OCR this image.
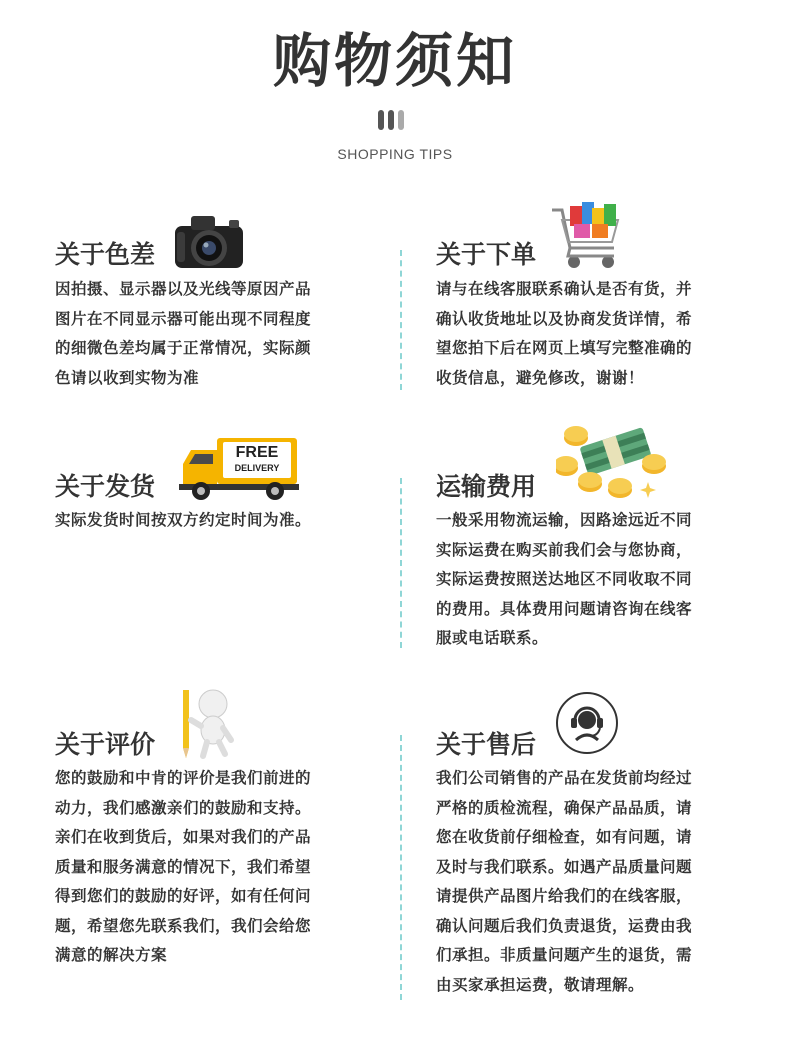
购物须知
SHOPPING TIPS
关于色差

因拍摄、显示器以及光线等原因产品

图片在不同显示器可能出现不同程度

的细微色差均属于正常情况，实际颜

色请以收到实物为准

关于下单

请与在线客服联系确认是否有货，并

确认收货地址以及协商发货详情，希

望您拍下后在网页上填写完整准确的

收货信息，避免修改，谢谢！

关于发货
FREE
DELIVERY

实际发货时间按双方约定时间为准。

运输费用

一般采用物流运输，因路途远近不同

实际运费在购买前我们会与您协商，

实际运费按照送达地区不同收取不同

的费用。具体费用问题请咨询在线客

服或电话联系。

关于评价

您的鼓励和中肯的评价是我们前进的

动力，我们感激亲们的鼓励和支持。

亲们在收到货后，如果对我们的产品

质量和服务满意的情况下，我们希望

得到您们的鼓励的好评，如有任何问

题，希望您先联系我们，我们会给您

满意的解决方案

关于售后

我们公司销售的产品在发货前均经过

严格的质检流程，确保产品品质，请

您在收货前仔细检查，如有问题，请

及时与我们联系。如遇产品质量问题

请提供产品图片给我们的在线客服，

确认问题后我们负责退货，运费由我

们承担。非质量问题产生的退货，需

由买家承担运费，敬请理解。
